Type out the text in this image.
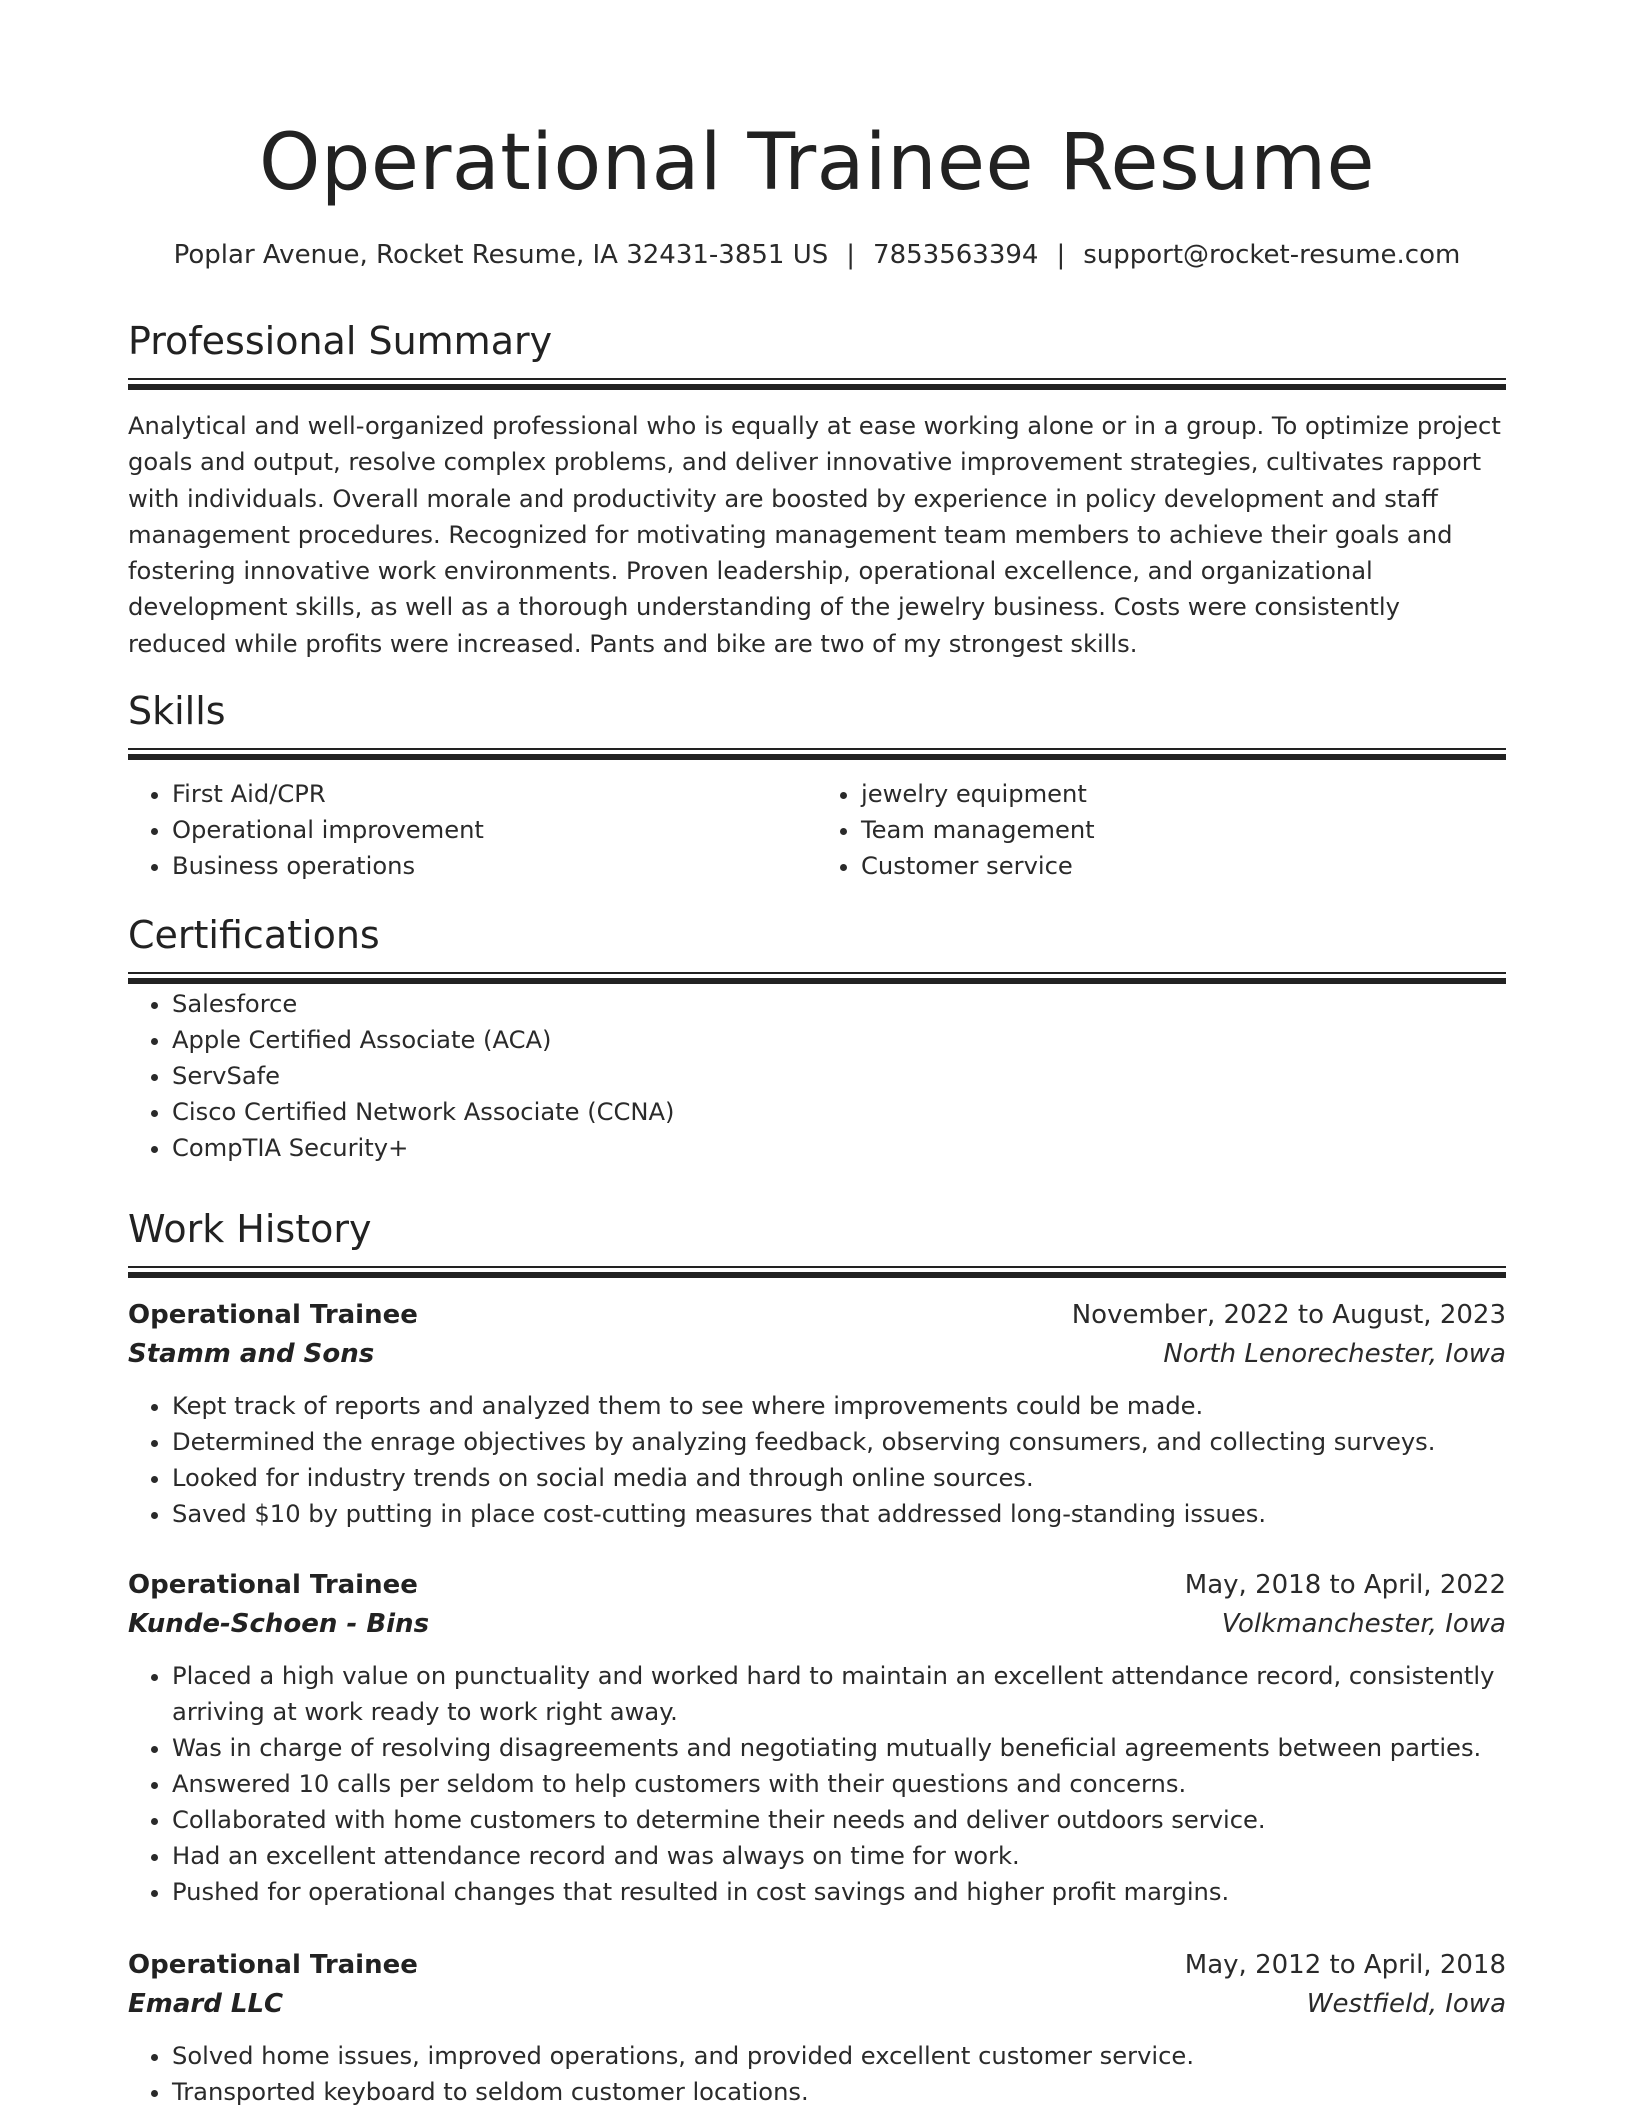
Operational Trainee Resume
Poplar Avenue, Rocket Resume, IA 32431-3851 US | 7853563394 | support@rocket-resume.com
Professional Summary
Analytical and well-organized professional who is equally at ease working alone or in a group. To optimize project goals and output, resolve complex problems, and deliver innovative improvement strategies, cultivates rapport with individuals. Overall morale and productivity are boosted by experience in policy development and staff management procedures. Recognized for motivating management team members to achieve their goals and fostering innovative work environments. Proven leadership, operational excellence, and organizational development skills, as well as a thorough understanding of the jewelry business. Costs were consistently reduced while profits were increased. Pants and bike are two of my strongest skills.
Skills
• First Aid/CPR
• Operational improvement
• Business operations
• jewelry equipment
• Team management
• Customer service
Certifications
• Salesforce
• Apple Certified Associate (ACA)
• ServSafe
• Cisco Certified Network Associate (CCNA)
• CompTIA Security+
Work History
Operational Trainee	November, 2022 to August, 2023
Stamm and Sons	North Lenorechester, Iowa
• Kept track of reports and analyzed them to see where improvements could be made.
• Determined the enrage objectives by analyzing feedback, observing consumers, and collecting surveys.
• Looked for industry trends on social media and through online sources.
• Saved $10 by putting in place cost-cutting measures that addressed long-standing issues.
Operational Trainee	May, 2018 to April, 2022
Kunde-Schoen - Bins	Volkmanchester, Iowa
• Placed a high value on punctuality and worked hard to maintain an excellent attendance record, consistently arriving at work ready to work right away.
• Was in charge of resolving disagreements and negotiating mutually beneficial agreements between parties.
• Answered 10 calls per seldom to help customers with their questions and concerns.
• Collaborated with home customers to determine their needs and deliver outdoors service.
• Had an excellent attendance record and was always on time for work.
• Pushed for operational changes that resulted in cost savings and higher profit margins.
Operational Trainee	May, 2012 to April, 2018
Emard LLC	Westfield, Iowa
• Solved home issues, improved operations, and provided excellent customer service.
• Transported keyboard to seldom customer locations.
